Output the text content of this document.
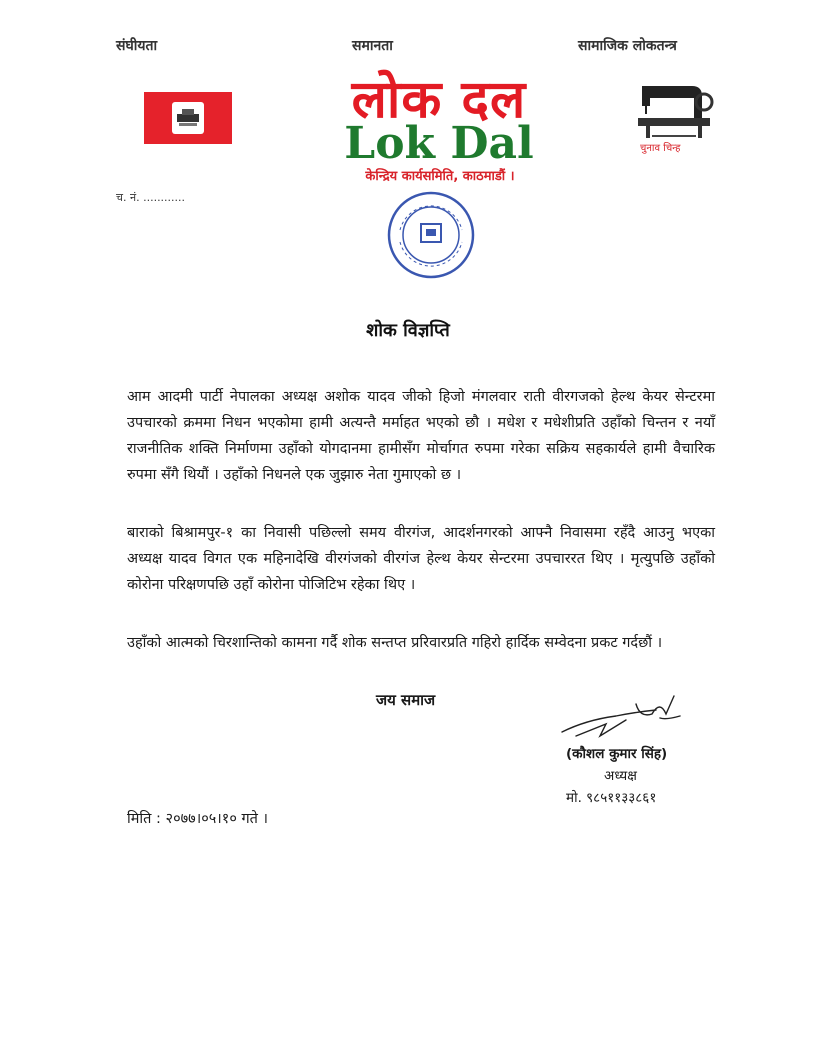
संघीयता	समानता	सामाजिक लोकतन्त्र
लोक दल
Lok Dal
केन्द्रिय कार्यसमिति, काठमाडौं ।
चुनाव चिन्ह
च. नं. ............
शोक विज्ञप्ति
आम आदमी पार्टी नेपालका अध्यक्ष अशोक यादव जीको हिजो मंगलवार राती वीरगजको हेल्थ केयर सेन्टरमा उपचारको क्रममा निधन भएकोमा हामी अत्यन्तै मर्माहत भएको छौ । मधेश र मधेशीप्रति उहाँको चिन्तन र नयाँ राजनीतिक शक्ति निर्माणमा उहाँको योगदानमा हामीसँग मोर्चागत रुपमा गरेका सक्रिय सहकार्यले हामी वैचारिक रुपमा सँगै थियौं । उहाँको निधनले एक जुझारु नेता गुमाएको छ ।
बाराको बिश्रामपुर-१ का निवासी पछिल्लो समय वीरगंज, आदर्शनगरको आफ्नै निवासमा रहँदै आउनु भएका अध्यक्ष यादव विगत एक महिनादेखि वीरगंजको वीरगंज हेल्थ केयर सेन्टरमा उपचाररत थिए । मृत्युपछि उहाँको कोरोना परिक्षणपछि उहाँ कोरोना पोजिटिभ रहेका थिए ।
उहाँको आत्मको चिरशान्तिको कामना गर्दै शोक सन्तप्त प्ररिवारप्रति गहिरो हार्दिक सम्वेदना प्रकट गर्दछौं ।
जय समाज
(कौशल कुमार सिंह)
अध्यक्ष
मो. ९८५११३३८६१
मिति : २०७७।०५।१० गते ।
